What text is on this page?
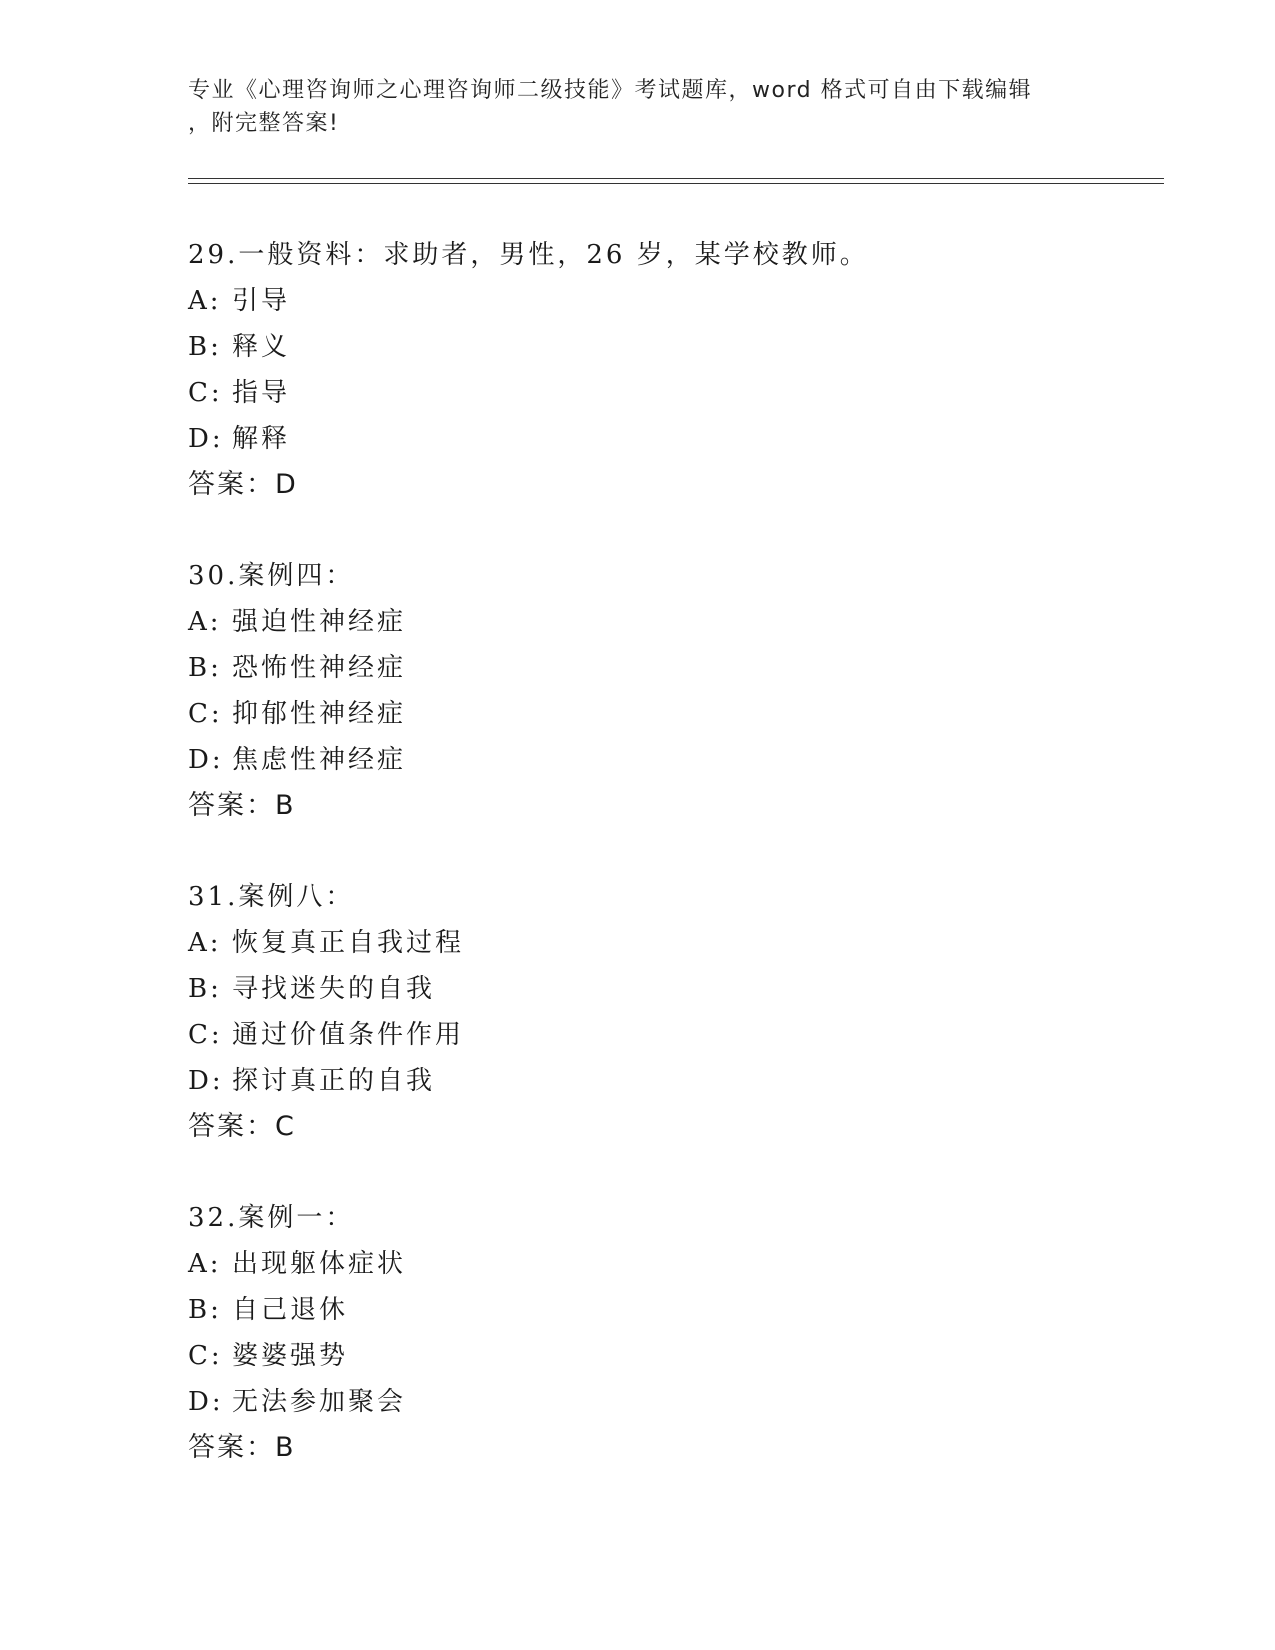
专业《心理咨询师之心理咨询师二级技能》考试题库，word 格式可自由下载编辑
，附完整答案!
29.一般资料：求助者，男性，26 岁，某学校教师。
A: 引导
B: 释义
C: 指导
D: 解释
答案：D
30.案例四：
A: 强迫性神经症
B: 恐怖性神经症
C: 抑郁性神经症
D: 焦虑性神经症
答案：B
31.案例八：
A: 恢复真正自我过程
B: 寻找迷失的自我
C: 通过价值条件作用
D: 探讨真正的自我
答案：C
32.案例一：
A: 出现躯体症状
B: 自己退休
C: 婆婆强势
D: 无法参加聚会
答案：B
